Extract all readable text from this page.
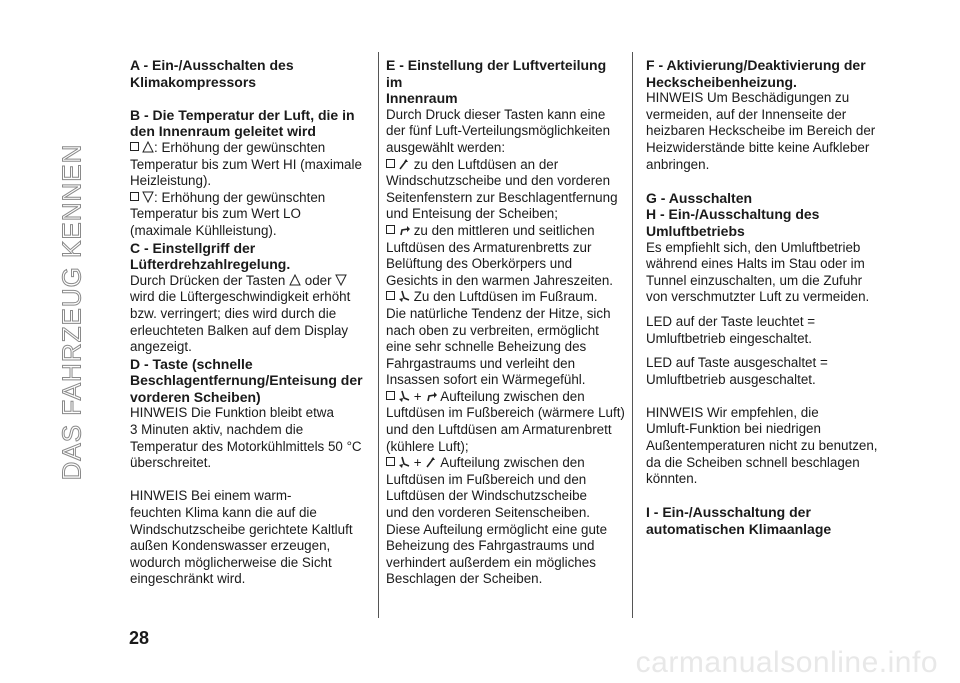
DAS FAHRZEUG KENNEN

A - Ein-/Ausschalten des

Klimakompressors

B - Die Temperatur der Luft, die in

den Innenraum geleitet wird

: Erhöhung der gewünschten

Temperatur bis zum Wert HI (maximale

Heizleistung).

: Erhöhung der gewünschten

Temperatur bis zum Wert LO

(maximale Kühlleistung).

C - Einstellgriff der

Lüfterdrehzahlregelung.

Durch Drücken der Tasten oder

wird die Lüftergeschwindigkeit erhöht

bzw. verringert; dies wird durch die

erleuchteten Balken auf dem Display

angezeigt.

D - Taste (schnelle

Beschlagentfernung/Enteisung der

vorderen Scheiben)

HINWEIS Die Funktion bleibt etwa

3 Minuten aktiv, nachdem die

Temperatur des Motorkühlmittels 50 °C

überschreitet.

HINWEIS Bei einem warm-

feuchten Klima kann die auf die

Windschutzscheibe gerichtete Kaltluft

außen Kondenswasser erzeugen,

wodurch möglicherweise die Sicht

eingeschränkt wird.

E - Einstellung der Luftverteilung im

Innenraum

Durch Druck dieser Tasten kann eine

der fünf Luft-Verteilungsmöglichkeiten

ausgewählt werden:

zu den Luftdüsen an der

Windschutzscheibe und den vorderen

Seitenfenstern zur Beschlagentfernung

und Enteisung der Scheiben;

zu den mittleren und seitlichen

Luftdüsen des Armaturenbretts zur

Belüftung des Oberkörpers und

Gesichts in den warmen Jahreszeiten.

Zu den Luftdüsen im Fußraum.

Die natürliche Tendenz der Hitze, sich

nach oben zu verbreiten, ermöglicht

eine sehr schnelle Beheizung des

Fahrgastraums und verleiht den

Insassen sofort ein Wärmegefühl.

+ Aufteilung zwischen den

Luftdüsen im Fußbereich (wärmere Luft)

und den Luftdüsen am Armaturenbrett

(kühlere Luft);

+ Aufteilung zwischen den

Luftdüsen im Fußbereich und den

Luftdüsen der Windschutzscheibe

und den vorderen Seitenscheiben.

Diese Aufteilung ermöglicht eine gute

Beheizung des Fahrgastraums und

verhindert außerdem ein mögliches

Beschlagen der Scheiben.

F - Aktivierung/Deaktivierung der

Heckscheibenheizung.

HINWEIS Um Beschädigungen zu

vermeiden, auf der Innenseite der

heizbaren Heckscheibe im Bereich der

Heizwiderstände bitte keine Aufkleber

anbringen.

G - Ausschalten

H - Ein-/Ausschaltung des

Umluftbetriebs

Es empfiehlt sich, den Umluftbetrieb

während eines Halts im Stau oder im

Tunnel einzuschalten, um die Zufuhr

von verschmutzter Luft zu vermeiden.

LED auf der Taste leuchtet =

Umluftbetrieb eingeschaltet.

LED auf Taste ausgeschaltet =

Umluftbetrieb ausgeschaltet.

HINWEIS Wir empfehlen, die

Umluft-Funktion bei niedrigen

Außentemperaturen nicht zu benutzen,

da die Scheiben schnell beschlagen

könnten.

I - Ein-/Ausschaltung der

automatischen Klimaanlage

28
carmanualsonline.info
